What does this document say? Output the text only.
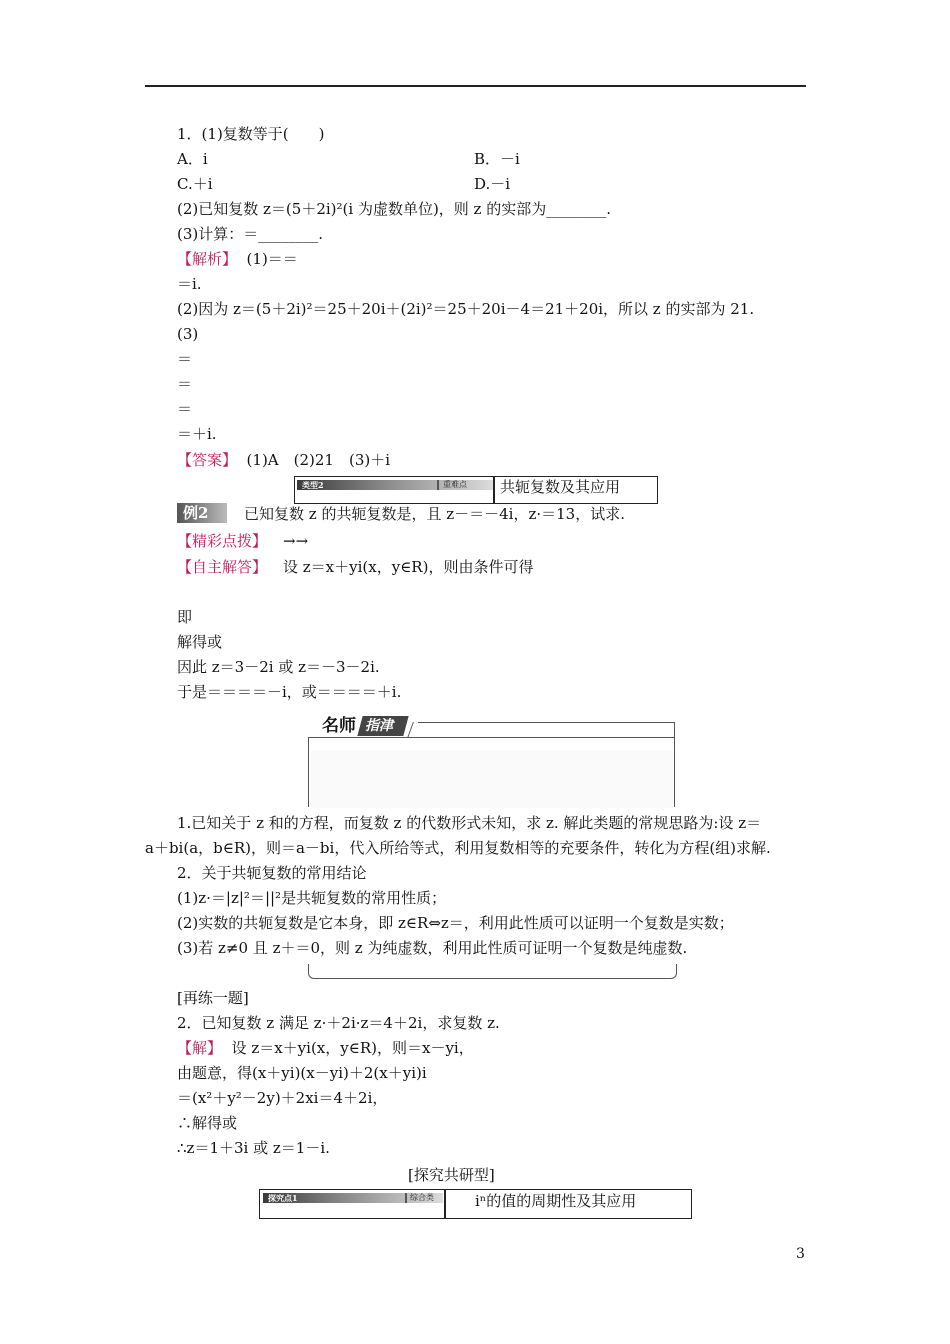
1．(1)复数等于(　　)
A．i	B．－i
C.＋i	D.－i
(2)已知复数 z＝(5＋2i)²(i 为虚数单位)，则 z 的实部为________.
(3)计算：＝________.
【解析】  (1)＝＝
＝i.
(2)因为 z＝(5＋2i)²＝25＋20i＋(2i)²＝25＋20i－4＝21＋20i，所以 z 的实部为 21.
(3)
＝
＝
＝
＝＋i.
【答案】  (1)A　(2)21　(3)＋i
类型2	重难点 共轭复数及其应用
例2	已知复数 z 的共轭复数是，且 z－＝－4i，z·＝13，试求.
【精彩点拨】 →→
【自主解答】 设 z＝x＋yi(x，y∈R)，则由条件可得
即
解得或
因此 z＝3－2i 或 z＝－3－2i.
于是＝＝＝＝－i，或＝＝＝＝＋i.
名师 指津
1.已知关于 z 和的方程，而复数 z 的代数形式未知，求 z. 解此类题的常规思路为:设 z＝
a＋bi(a，b∈R)，则＝a－bi，代入所给等式，利用复数相等的充要条件，转化为方程(组)求解.
2．关于共轭复数的常用结论
(1)z·＝|z|²＝||²是共轭复数的常用性质；
(2)实数的共轭复数是它本身，即 z∈R⇔z＝，利用此性质可以证明一个复数是实数；
(3)若 z≠0 且 z＋＝0，则 z 为纯虚数，利用此性质可证明一个复数是纯虚数.
[再练一题]
2．已知复数 z 满足 z·＋2i·z＝4＋2i，求复数 z.
【解】  设 z＝x＋yi(x，y∈R)，则＝x－yi，
由题意，得(x＋yi)(x－yi)＋2(x＋yi)i
＝(x²＋y²－2y)＋2xi＝4＋2i，
∴解得或
∴z＝1＋3i 或 z＝1－i.
[探究共研型]
探究点1	综合类	iⁿ的值的周期性及其应用
3
